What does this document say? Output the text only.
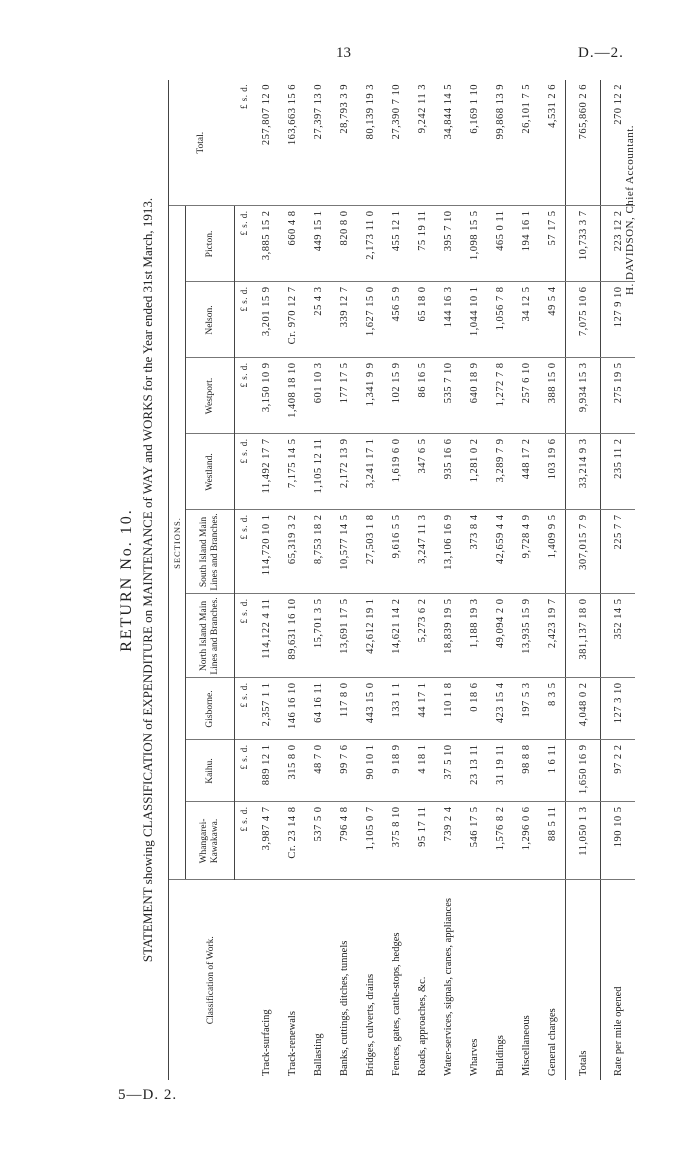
13	D.—2.
5—D. 2.
RETURN No. 10. STATEMENT showing CLASSIFICATION of EXPENDITURE on MAINTENANCE of WAY and WORKS for the Year ended 31st March, 1913.
Classification of Work.	SECTIONS.									Total.
	Whangarei-Kawakawa.	Kaihu.	Gisborne.	North Island Main Lines and Branches.	South Island Main Lines and Branches.	Westland.	Westport.	Nelson.	Picton.	
	£ s. d.	£ s. d.	£ s. d.	£ s. d.	£ s. d.	£ s. d.	£ s. d.	£ s. d.	£ s. d.	£ s. d.
Track-surfacing	3,987 4 7	889 12 1	2,357 1 1	114,122 4 11	114,720 10 1	11,492 17 7	3,150 10 9	3,201 15 9	3,885 15 2	257,807 12 0
Track-renewals	Cr. 23 14 8	315 8 0	146 16 10	89,631 16 10	65,319 3 2	7,175 14 5	1,408 18 10	Cr. 970 12 7	660 4 8	163,663 15 6
Ballasting	537 5 0	48 7 0	64 16 11	15,701 3 5	8,753 18 2	1,105 12 11	601 10 3	25 4 3	449 15 1	27,397 13 0
Banks, cuttings, ditches, tunnels	796 4 8	99 7 6	117 8 0	13,691 17 5	10,577 14 5	2,172 13 9	177 17 5	339 12 7	820 8 0	28,793 3 9
Bridges, culverts, drains	1,105 0 7	90 10 1	443 15 0	42,612 19 1	27,503 1 8	3,241 17 1	1,341 9 9	1,627 15 0	2,173 11 0	80,139 19 3
Fences, gates, cattle-stops, hedges	375 8 10	9 18 9	133 1 1	14,621 14 2	9,616 5 5	1,619 6 0	102 15 9	456 5 9	455 12 1	27,390 7 10
Roads, approaches, &c.	95 17 11	4 18 1	44 17 1	5,273 6 2	3,247 11 3	347 6 5	86 16 5	65 18 0	75 19 11	9,242 11 3
Water-services, signals, cranes, appliances	739 2 4	37 5 10	110 1 8	18,839 19 5	13,106 16 9	935 16 6	535 7 10	144 16 3	395 7 10	34,844 14 5
Wharves	546 17 5	23 13 11	0 18 6	1,188 19 3	373 8 4	1,281 0 2	640 18 9	1,044 10 1	1,098 15 5	6,169 1 10
Buildings	1,576 8 2	31 19 11	423 15 4	49,094 2 0	42,659 4 4	3,289 7 9	1,272 7 8	1,056 7 8	465 0 11	99,868 13 9
Miscellaneous	1,296 0 6	98 8 8	197 5 3	13,935 15 9	9,728 4 9	448 17 2	257 6 10	34 12 5	194 16 1	26,101 7 5
General charges	88 5 11	1 6 11	8 3 5	2,423 19 7	1,409 9 5	103 19 6	388 15 0	49 5 4	57 17 5	4,531 2 6
Totals	11,050 1 3	1,650 16 9	4,048 0 2	381,137 18 0	307,015 7 9	33,214 9 3	9,934 15 3	7,075 10 6	10,733 3 7	765,860 2 6
Rate per mile opened	190 10 5	97 2 2	127 3 10	352 14 5	225 7 7	235 11 2	275 19 5	127 9 10	223 12 2	270 12 2
H. DAVIDSON, Chief Accountant.
